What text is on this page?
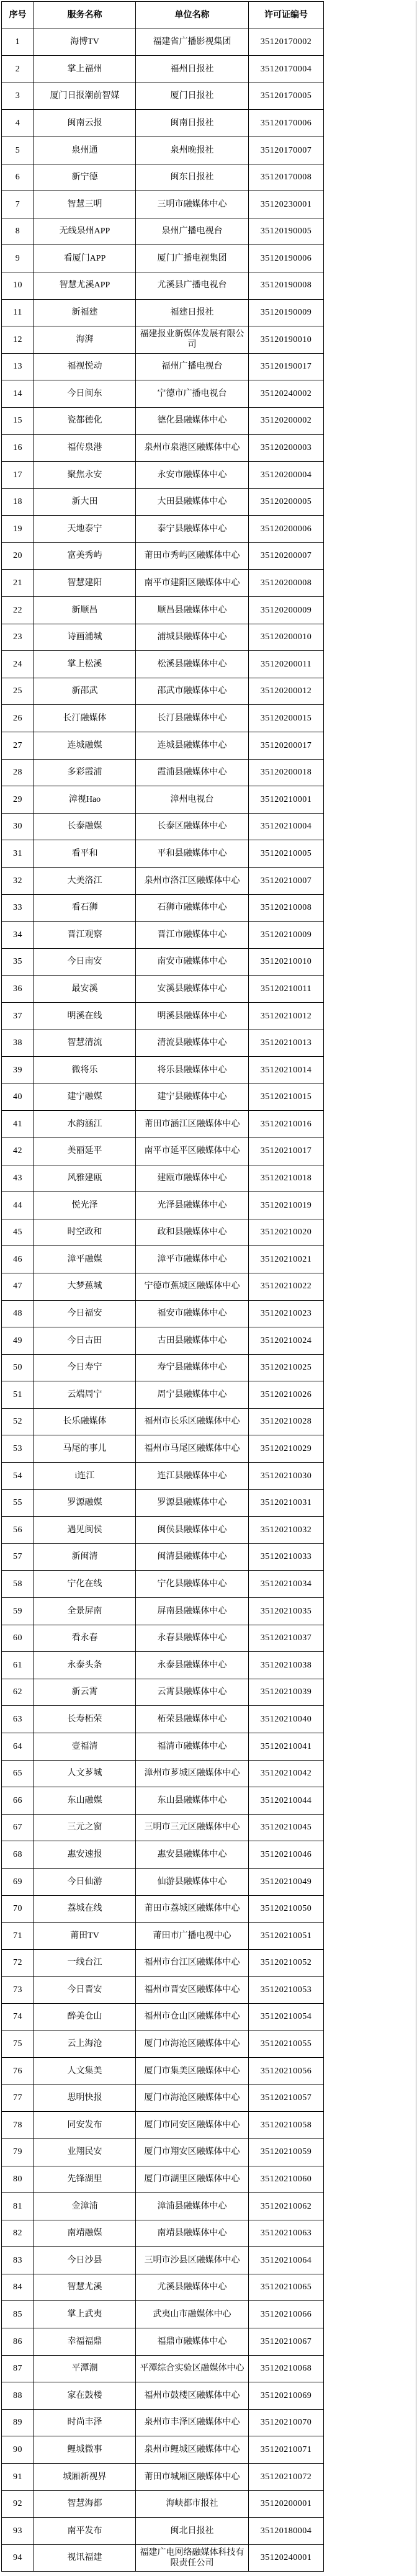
序号	服务名称	单位名称	许可证编号
1	海博TV	福建省广播影视集团	35120170002
2	掌上福州	福州日报社	35120170004
3	厦门日报潮前智媒	厦门日报社	35120170005
4	闽南云报	闽南日报社	35120170006
5	泉州通	泉州晚报社	35120170007
6	新宁德	闽东日报社	35120170008
7	智慧三明	三明市融媒体中心	35120230001
8	无线泉州APP	泉州广播电视台	35120190005
9	看厦门APP	厦门广播电视集团	35120190006
10	智慧尤溪APP	尤溪县广播电视台	35120190008
11	新福建	福建日报社	35120190009
12	海湃	福建报业新媒体发展有限公司	35120190010
13	福视悦动	福州广播电视台	35120190017
14	今日闽东	宁德市广播电视台	35120240002
15	瓷都德化	德化县融媒体中心	35120200002
16	福传泉港	泉州市泉港区融媒体中心	35120200003
17	聚焦永安	永安市融媒体中心	35120200004
18	新大田	大田县融媒体中心	35120200005
19	天地泰宁	泰宁县融媒体中心	35120200006
20	富美秀屿	莆田市秀屿区融媒体中心	35120200007
21	智慧建阳	南平市建阳区融媒体中心	35120200008
22	新顺昌	顺昌县融媒体中心	35120200009
23	诗画浦城	浦城县融媒体中心	35120200010
24	掌上松溪	松溪县融媒体中心	35120200011
25	新邵武	邵武市融媒体中心	35120200012
26	长汀融媒体	长汀县融媒体中心	35120200015
27	连城融媒	连城县融媒体中心	35120200017
28	多彩霞浦	霞浦县融媒体中心	35120200018
29	漳视Hao	漳州电视台	35120210001
30	长泰融媒	长泰区融媒体中心	35120210004
31	看平和	平和县融媒体中心	35120210005
32	大美洛江	泉州市洛江区融媒体中心	35120210007
33	看石狮	石狮市融媒体中心	35120210008
34	晋江观察	晋江市融媒体中心	35120210009
35	今日南安	南安市融媒体中心	35120210010
36	最安溪	安溪县融媒体中心	35120210011
37	明溪在线	明溪县融媒体中心	35120210012
38	智慧清流	清流县融媒体中心	35120210013
39	微将乐	将乐县融媒体中心	35120210014
40	建宁融媒	建宁县融媒体中心	35120210015
41	水韵涵江	莆田市涵江区融媒体中心	35120210016
42	美丽延平	南平市延平区融媒体中心	35120210017
43	风雅建瓯	建瓯市融媒体中心	35120210018
44	悦光泽	光泽县融媒体中心	35120210019
45	时空政和	政和县融媒体中心	35120210020
46	漳平融媒	漳平市融媒体中心	35120210021
47	大梦蕉城	宁德市蕉城区融媒体中心	35120210022
48	今日福安	福安市融媒体中心	35120210023
49	今日古田	古田县融媒体中心	35120210024
50	今日寿宁	寿宁县融媒体中心	35120210025
51	云端周宁	周宁县融媒体中心	35120210026
52	长乐融媒体	福州市长乐区融媒体中心	35120210028
53	马尾的事儿	福州市马尾区融媒体中心	35120210029
54	i连江	连江县融媒体中心	35120210030
55	罗源融媒	罗源县融媒体中心	35120210031
56	遇见闽侯	闽侯县融媒体中心	35120210032
57	新闽清	闽清县融媒体中心	35120210033
58	宁化在线	宁化县融媒体中心	35120210034
59	全景屏南	屏南县融媒体中心	35120210035
60	看永春	永春县融媒体中心	35120210037
61	永泰头条	永泰县融媒体中心	35120210038
62	新云霄	云霄县融媒体中心	35120210039
63	长寿柘荣	柘荣县融媒体中心	35120210040
64	壹福清	福清市融媒体中心	35120210041
65	人文芗城	漳州市芗城区融媒体中心	35120210042
66	东山融媒	东山县融媒体中心	35120210044
67	三元之窗	三明市三元区融媒体中心	35120210045
68	惠安速报	惠安县融媒体中心	35120210046
69	今日仙游	仙游县融媒体中心	35120210049
70	荔城在线	莆田市荔城区融媒体中心	35120210050
71	莆田TV	莆田市广播电视中心	35120210051
72	一线台江	福州市台江区融媒体中心	35120210052
73	今日晋安	福州市晋安区融媒体中心	35120210053
74	醉美仓山	福州市仓山区融媒体中心	35120210054
75	云上海沧	厦门市海沧区融媒体中心	35120210055
76	人文集美	厦门市集美区融媒体中心	35120210056
77	思明快报	厦门市海沧区融媒体中心	35120210057
78	同安发布	厦门市同安区融媒体中心	35120210058
79	业翔民安	厦门市翔安区融媒体中心	35120210059
80	先锋湖里	厦门市湖里区融媒体中心	35120210060
81	金漳浦	漳浦县融媒体中心	35120210062
82	南靖融媒	南靖县融媒体中心	35120210063
83	今日沙县	三明市沙县区融媒体中心	35120210064
84	智慧尤溪	尤溪县融媒体中心	35120210065
85	掌上武夷	武夷山市融媒体中心	35120210066
86	幸福福鼎	福鼎市融媒体中心	35120210067
87	平潭潮	平潭综合实验区融媒体中心	35120210068
88	家在鼓楼	福州市鼓楼区融媒体中心	35120210069
89	时尚丰泽	泉州市丰泽区融媒体中心	35120210070
90	鲤城微事	泉州市鲤城区融媒体中心	35120210071
91	城厢新视界	莆田市城厢区融媒体中心	35120210072
92	智慧海都	海峡都市报社	35120200001
93	南平发布	闽北日报社	35120180004
94	视讯福建	福建广电网络融媒体科技有限责任公司	35120240001
